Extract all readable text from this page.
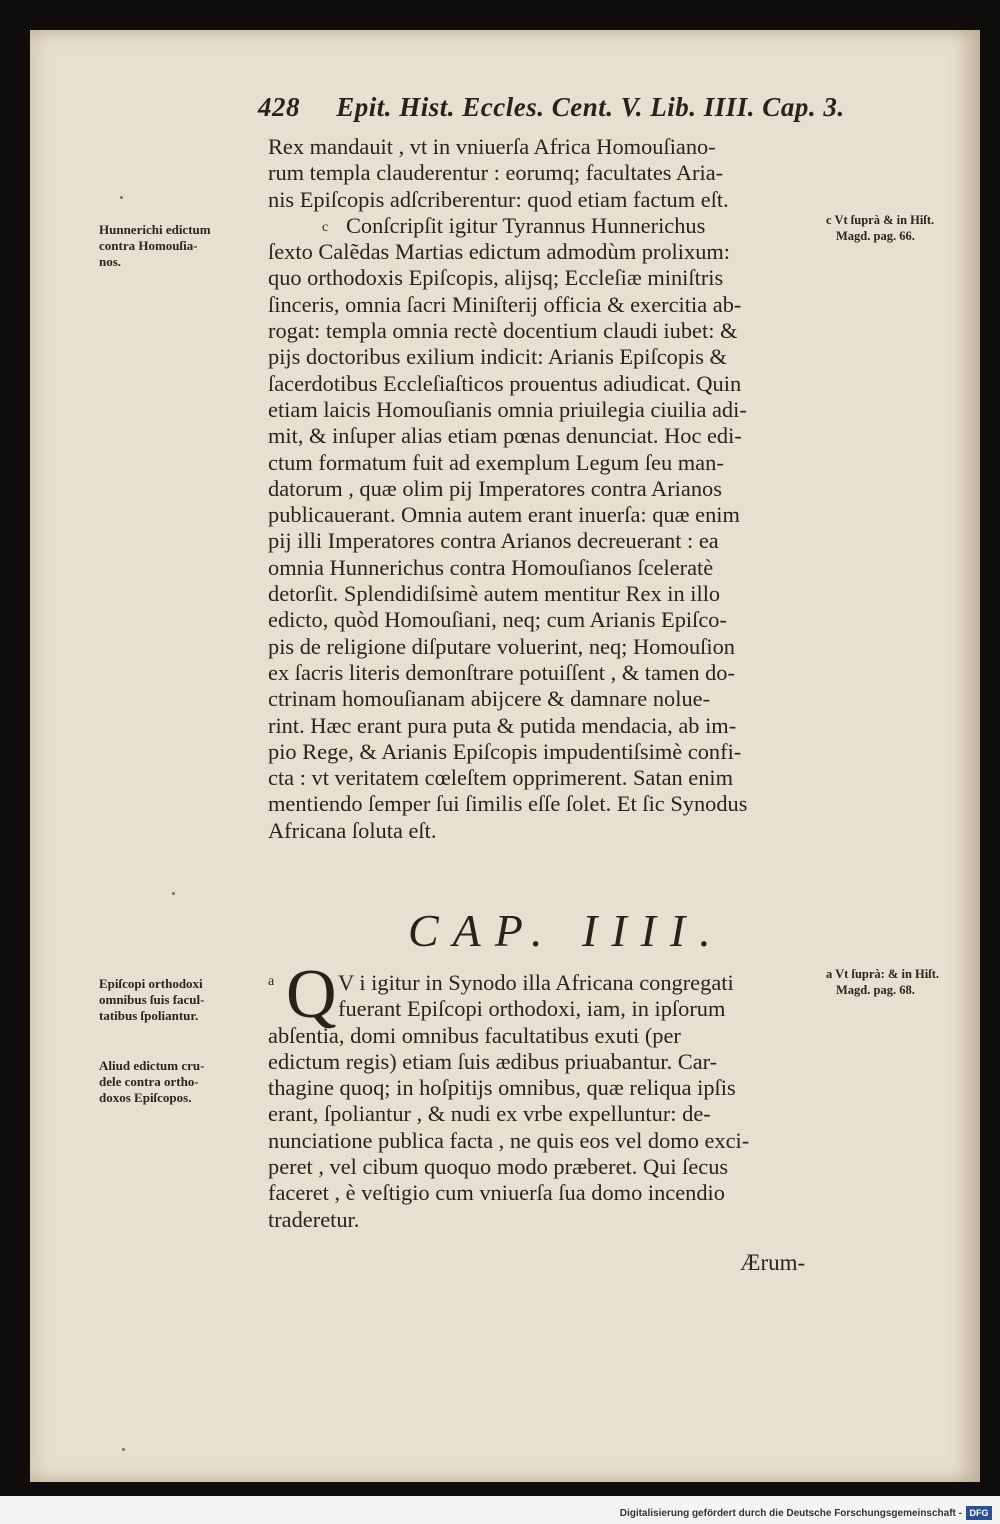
428 Epit. Hist. Eccles. Cent. V. Lib. IIII. Cap. 3.
Hunnerichi edictum
contra Homouſia-
nos.
c
Rex mandauit , vt in vniuerſa Africa Homouſiano-
rum templa clauderentur : eorumq; facultates Aria-
nis Epiſcopis adſcriberentur: quod etiam factum eſt.
Conſcripſit igitur Tyrannus Hunnerichus
ſexto Calẽdas Martias edictum admodùm prolixum:
quo orthodoxis Epiſcopis, alijsq; Eccleſiæ miniſtris
ſinceris, omnia ſacri Miniſterij officia & exercitia ab-
rogat: templa omnia rectè docentium claudi iubet: &
pijs doctoribus exilium indicit: Arianis Epiſcopis &
ſacerdotibus Eccleſiaſticos prouentus adiudicat. Quin
etiam laicis Homouſianis omnia priuilegia ciuilia adi-
mit, & inſuper alias etiam pœnas denunciat. Hoc edi-
ctum formatum fuit ad exemplum Legum ſeu man-
datorum , quæ olim pij Imperatores contra Arianos
publicauerant. Omnia autem erant inuerſa: quæ enim
pij illi Imperatores contra Arianos decreuerant : ea
omnia Hunnerichus contra Homouſianos ſceleratè
detorſit. Splendidiſsimè autem mentitur Rex in illo
edicto, quòd Homouſiani, neq; cum Arianis Epiſco-
pis de religione diſputare voluerint, neq; Homouſion
ex ſacris literis demonſtrare potuiſſent , & tamen do-
ctrinam homouſianam abijcere & damnare nolue-
rint. Hæc erant pura puta & putida mendacia, ab im-
pio Rege, & Arianis Epiſcopis impudentiſsimè confi-
cta : vt veritatem cœleſtem opprimerent. Satan enim
mentiendo ſemper ſui ſimilis eſſe ſolet. Et ſic Synodus
Africana ſoluta eſt.
c Vt ſuprà & in Hiſt.
Magd. pag. 66.
CAP. IIII.
Epiſcopi orthodoxi
omnibus ſuis facul-
tatibus ſpoliantur.
a Q V i igitur in Synodo illa Africana congregati
fuerant Epiſcopi orthodoxi, iam, in ipſorum
abſentia, domi omnibus facultatibus exuti (per
edictum regis) etiam ſuis ædibus priuabantur. Car-
thagine quoq; in hoſpitijs omnibus, quæ reliqua ipſis
erant, ſpoliantur , & nudi ex vrbe expelluntur: de-
nunciatione publica facta , ne quis eos vel domo exci-
peret , vel cibum quoquo modo præberet. Qui ſecus
faceret , è veſtigio cum vniuerſa ſua domo incendio
traderetur.
a Vt ſuprà: & in Hiſt.
Magd. pag. 68.
Aliud edictum cru-
dele contra ortho-
doxos Epiſcopos.
Ærum-
Digitalisierung gefördert durch die Deutsche Forschungsgemeinschaft - DFG
